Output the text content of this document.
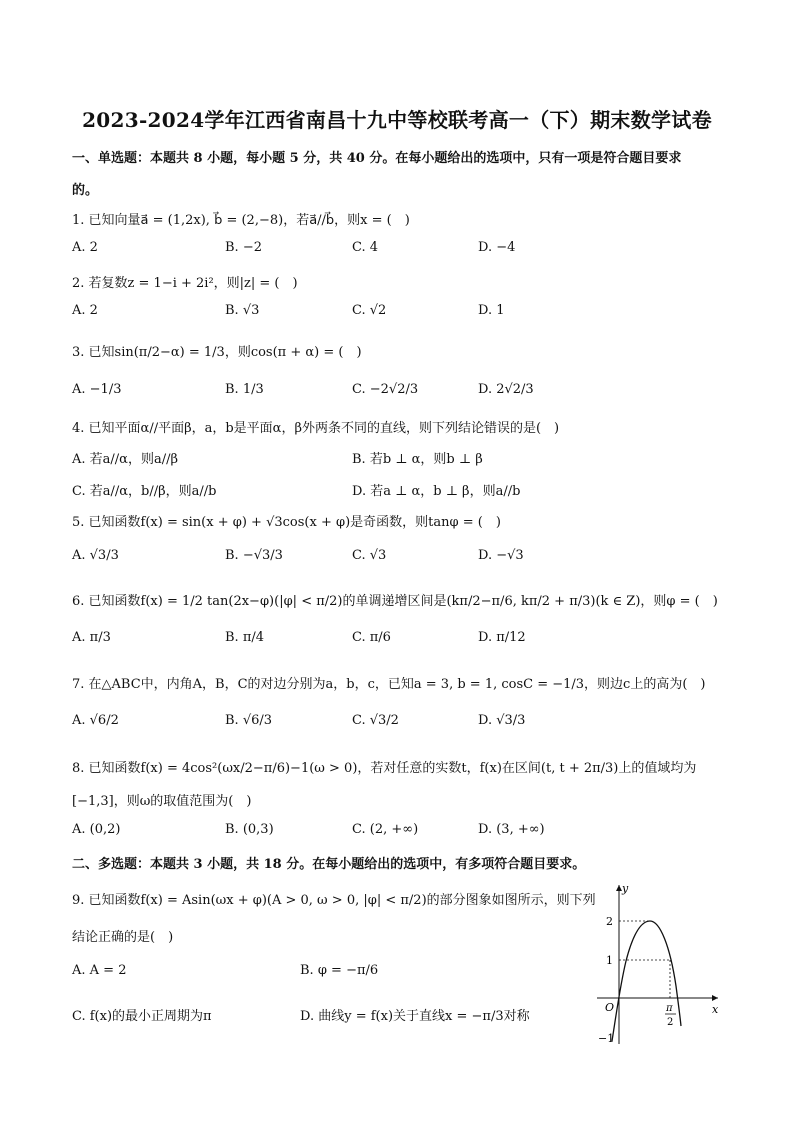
2023-2024学年江西省南昌十九中等校联考高一（下）期末数学试卷
一、单选题：本题共 8 小题，每小题 5 分，共 40 分。在每小题给出的选项中，只有一项是符合题目要求
的。
1. 已知向量a⃗ = (1,2x), b⃗ = (2,−8)，若a⃗//b⃗，则x = (　)
A. 2	B. −2	C. 4	D. −4
2. 若复数z = 1−i + 2i²，则|z| = (　)
A. 2	B. √3	C. √2	D. 1
3. 已知sin(π/2−α) = 1/3，则cos(π + α) = (　)
A. −1/3	B. 1/3	C. −2√2/3	D. 2√2/3
4. 已知平面α//平面β，a，b是平面α，β外两条不同的直线，则下列结论错误的是(　)
A. 若a//α，则a//β	B. 若b ⊥ α，则b ⊥ β
C. 若a//α，b//β，则a//b	D. 若a ⊥ α，b ⊥ β，则a//b
5. 已知函数f(x) = sin(x + φ) + √3cos(x + φ)是奇函数，则tanφ = (　)
A. √3/3	B. −√3/3	C. √3	D. −√3
6. 已知函数f(x) = 1/2 tan(2x−φ)(|φ| < π/2)的单调递增区间是(kπ/2−π/6, kπ/2 + π/3)(k ∈ Z)，则φ = (　)
A. π/3	B. π/4	C. π/6	D. π/12
7. 在△ABC中，内角A，B，C的对边分别为a，b，c，已知a = 3, b = 1, cosC = −1/3，则边c上的高为(　)
A. √6/2	B. √6/3	C. √3/2	D. √3/3
8. 已知函数f(x) = 4cos²(ωx/2−π/6)−1(ω > 0)，若对任意的实数t，f(x)在区间(t, t + 2π/3)上的值域均为
[−1,3]，则ω的取值范围为(　)
A. (0,2)	B. (0,3)	C. (2, +∞)	D. (3, +∞)
二、多选题：本题共 3 小题，共 18 分。在每小题给出的选项中，有多项符合题目要求。
9. 已知函数f(x) = Asin(ωx + φ)(A > 0, ω > 0, |φ| < π/2)的部分图象如图所示，则下列
结论正确的是(　)
A. A = 2	B. φ = −π/6
C. f(x)的最小正周期为π	D. 曲线y = f(x)关于直线x = −π/3对称
y
x
O
2
1
−1
π
2
